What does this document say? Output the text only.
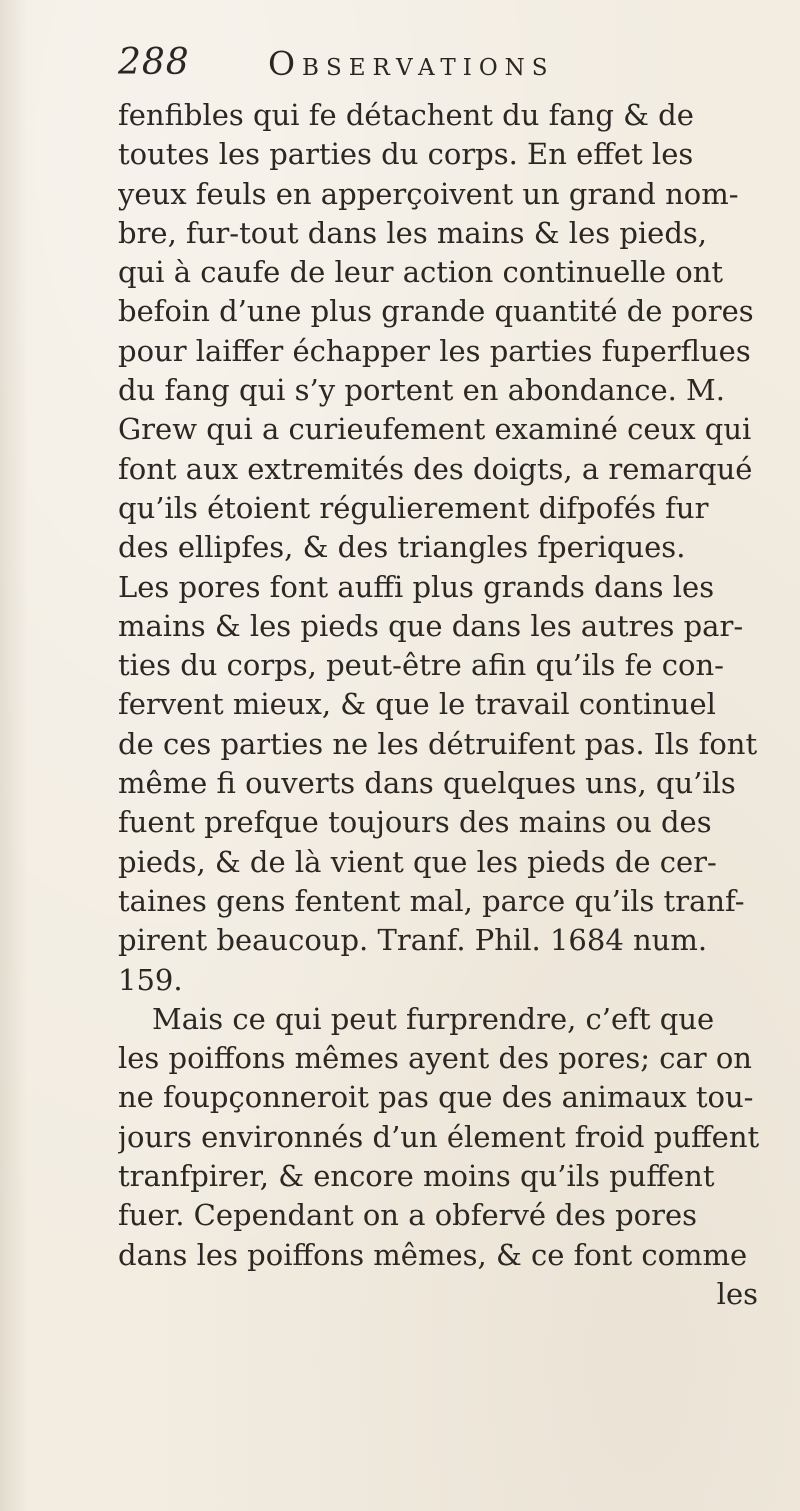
288 Observations
fenfibles qui fe détachent du fang & de
toutes les parties du corps. En effet les
yeux feuls en apperçoivent un grand nom-
bre, fur-tout dans les mains & les pieds,
qui à caufe de leur action continuelle ont
befoin d’une plus grande quantité de pores
pour laiffer échapper les parties fuperflues
du fang qui s’y portent en abondance. M.
Grew qui a curieufement examiné ceux qui
font aux extremités des doigts, a remarqué
qu’ils étoient régulierement difpofés fur
des ellipfes, & des triangles fperiques.
Les pores font auffi plus grands dans les
mains & les pieds que dans les autres par-
ties du corps, peut-être afin qu’ils fe con-
fervent mieux, & que le travail continuel
de ces parties ne les détruifent pas. Ils font
même fi ouverts dans quelques uns, qu’ils
fuent prefque toujours des mains ou des
pieds, & de là vient que les pieds de cer-
taines gens fentent mal, parce qu’ils tranf-
pirent beaucoup. Tranf. Phil. 1684 num.
159.
Mais ce qui peut furprendre, c’eft que
les poiffons mêmes ayent des pores; car on
ne foupçonneroit pas que des animaux tou-
jours environnés d’un élement froid puffent
tranfpirer, & encore moins qu’ils puffent
fuer. Cependant on a obfervé des pores
dans les poiffons mêmes, & ce font comme
les
